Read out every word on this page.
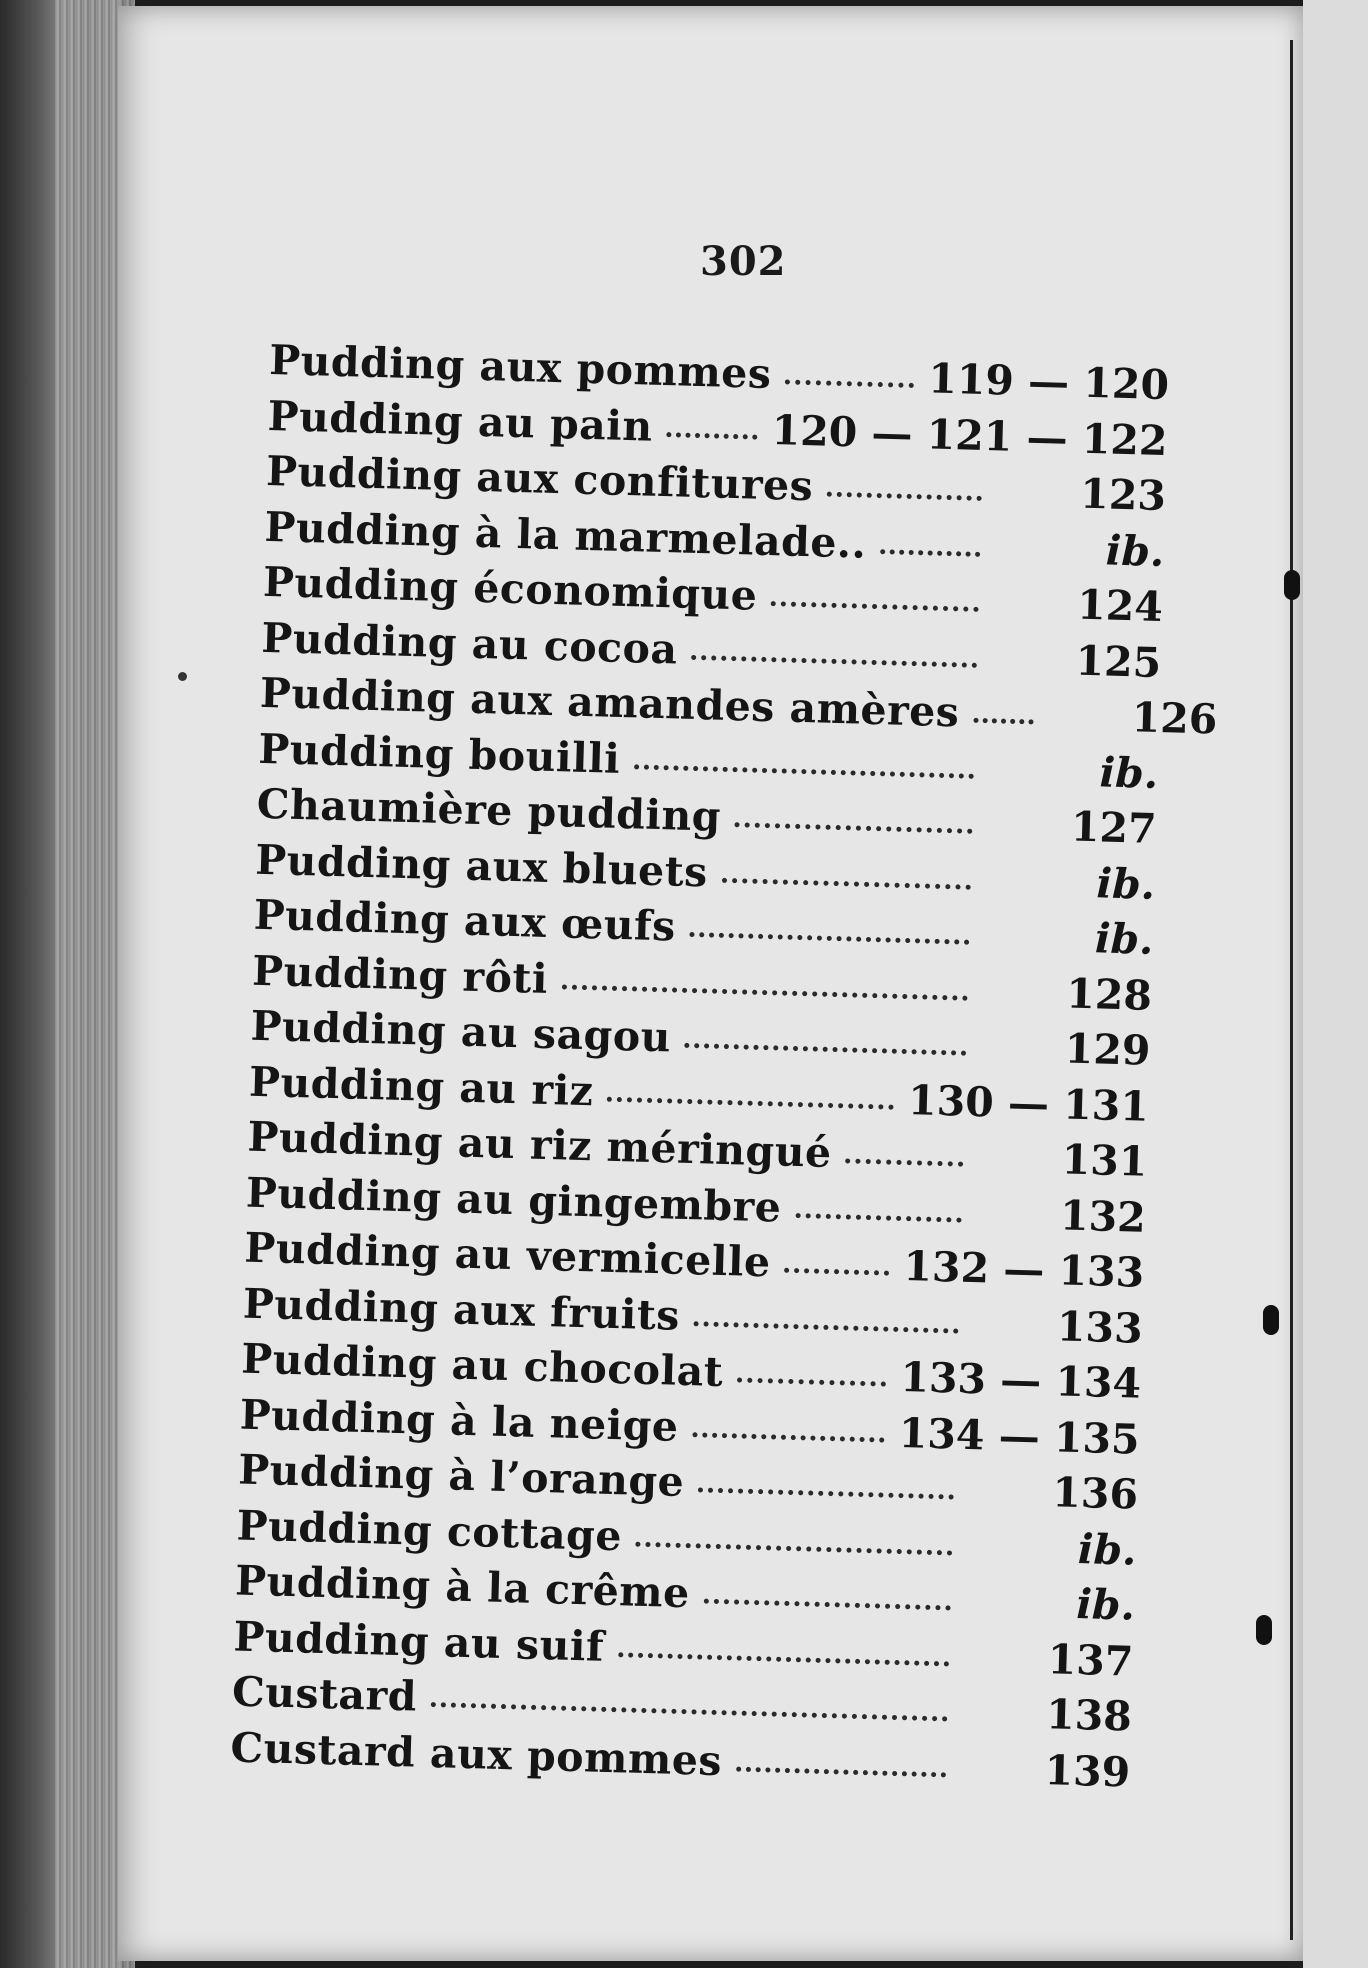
302
Pudding aux pommes	119 — 120
Pudding au pain	120 — 121 — 122
Pudding aux confitures	123
Pudding à la marmelade..	ib.
Pudding économique	124
Pudding au cocoa	125
Pudding aux amandes amères	126
Pudding bouilli	ib.
Chaumière pudding	127
Pudding aux bluets	ib.
Pudding aux œufs	ib.
Pudding rôti	128
Pudding au sagou	129
Pudding au riz	130 — 131
Pudding au riz méringué	131
Pudding au gingembre	132
Pudding au vermicelle	132 — 133
Pudding aux fruits	133
Pudding au chocolat	133 — 134
Pudding à la neige	134 — 135
Pudding à l’orange	136
Pudding cottage	ib.
Pudding à la crême	ib.
Pudding au suif	137
Custard	138
Custard aux pommes	139
